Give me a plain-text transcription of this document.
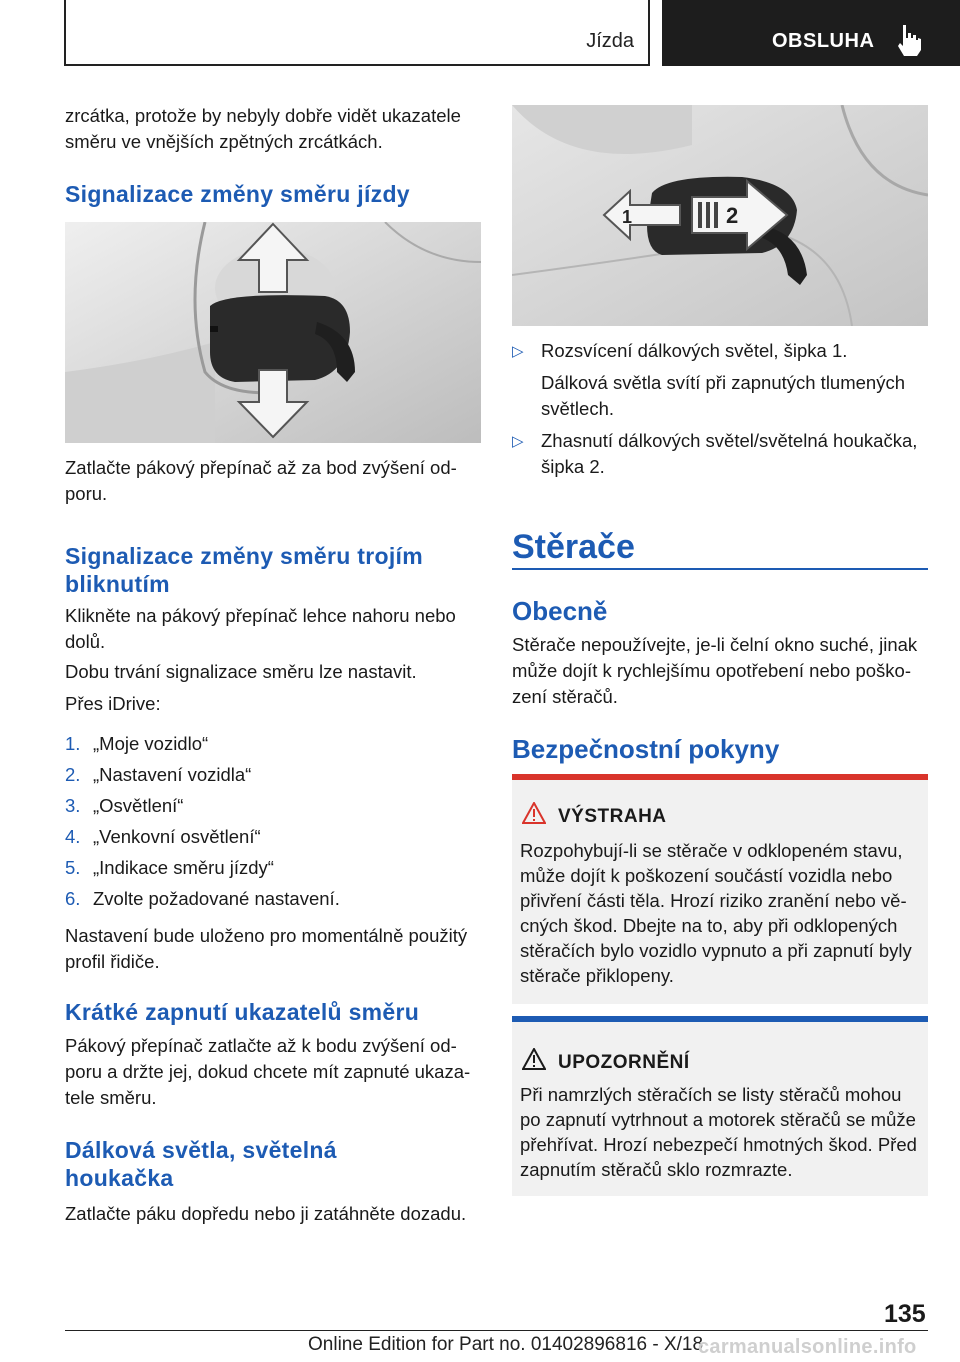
Jízda	OBSLUHA

zrcátka, protože by nebyly dobře vidět ukazatele směru ve vnějších zpětných zrcátkách.

Signalizace změny směru jízdy

Zatlačte pákový přepínač až za bod zvýšení odporu.

Signalizace změny směru trojím bliknutím

Klikněte na pákový přepínač lehce nahoru nebo dolů.

Dobu trvání signalizace směru lze nastavit.

Přes iDrive:

1. „Moje vozidlo“
2. „Nastavení vozidla“
3. „Osvětlení“
4. „Venkovní osvětlení“
5. „Indikace směru jízdy“
6. Zvolte požadované nastavení.

Nastavení bude uloženo pro momentálně použitý profil řidiče.

Krátké zapnutí ukazatelů směru

Pákový přepínač zatlačte až k bodu zvýšení odporu a držte jej, dokud chcete mít zapnuté ukazatele směru.

Dálková světla, světelná houkačka

Zatlačte páku dopředu nebo ji zatáhněte dozadu.

1	2
▷ Rozsvícení dálkových světel, šipka 1.

Dálková světla svítí při zapnutých tlumených světlech.

▷ Zhasnutí dálkových světel/světelná houkačka, šipka 2.
Stěrače
Obecně

Stěrače nepoužívejte, je-li čelní okno suché, jinak může dojít k rychlejšímu opotřebení nebo poškození stěračů.

Bezpečnostní pokyny
VÝSTRAHA

Rozpohybují-li se stěrače v odklopeném stavu, může dojít k poškození součástí vozidla nebo přivření části těla. Hrozí riziko zranění nebo věcných škod. Dbejte na to, aby při odklopených stěračích bylo vozidlo vypnuto a při zapnutí byly stěrače přiklopeny.

UPOZORNĚNÍ

Při namrzlých stěračích se listy stěračů mohou po zapnutí vytrhnout a motorek stěračů se může přehřívat. Hrozí nebezpečí hmotných škod. Před zapnutím stěračů sklo rozmrazte.

135
Online Edition for Part no. 01402896816 - X/18
carmanualsonline.info
